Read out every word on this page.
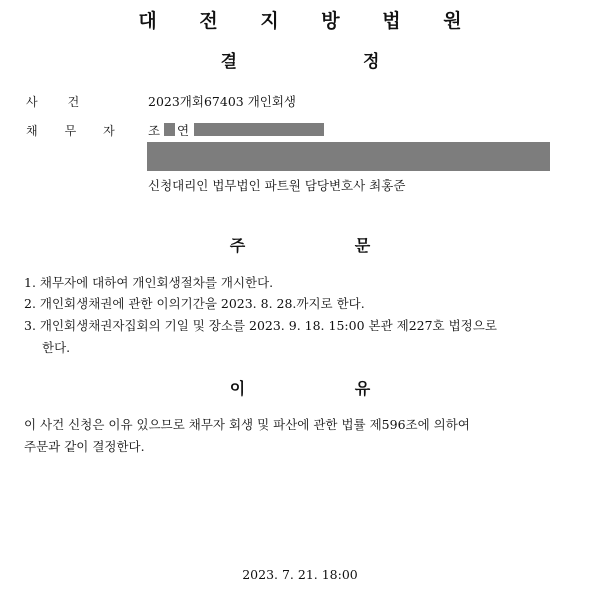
대 전 지 방 법 원
결 정
사건	2023개회67403 개인회생
채무자 조 연
신청대리인 법무법인 파트원 담당변호사 최홍준
주 문
1. 채무자에 대하여 개인회생절차를 개시한다.
2. 개인회생채권에 관한 이의기간을 2023. 8. 28.까지로 한다.
3. 개인회생채권자집회의 기일 및 장소를 2023. 9. 18. 15:00 본관 제227호 법정으로
한다.
이 유
이 사건 신청은 이유 있으므로 채무자 회생 및 파산에 관한 법률 제596조에 의하여
주문과 같이 결정한다.
2023. 7. 21. 18:00
